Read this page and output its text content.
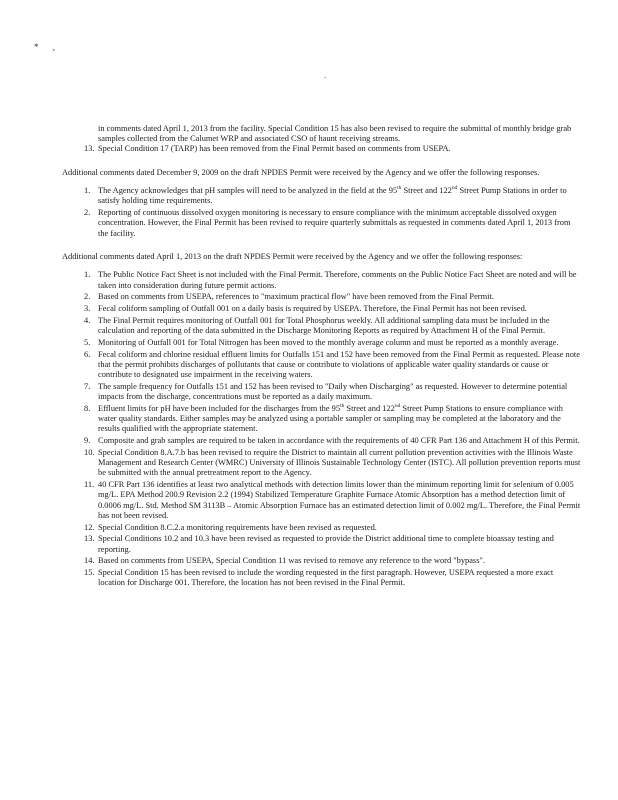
* ,
.
in comments dated April 1, 2013 from the facility. Special Condition 15 has also been revised to require the submittal of monthly bridge grab samples collected from the Calumet WRP and associated CSO of haunt receiving streams.
13. Special Condition 17 (TARP) has been removed from the Final Permit based on comments from USEPA.

Additional comments dated December 9, 2009 on the draft NPDES Permit were received by the Agency and we offer the following responses.

1. The Agency acknowledges that pH samples will need to be analyzed in the field at the 95th Street and 122nd Street Pump Stations in order to satisfy holding time requirements.
2. Reporting of continuous dissolved oxygen monitoring is necessary to ensure compliance with the minimum acceptable dissolved oxygen concentration. However, the Final Permit has been revised to require quarterly submittals as requested in comments dated April 1, 2013 from the facility.

Additional comments dated April 1, 2013 on the draft NPDES Permit were received by the Agency and we offer the following responses:

1. The Public Notice Fact Sheet is not included with the Final Permit. Therefore, comments on the Public Notice Fact Sheet are noted and will be taken into consideration during future permit actions.
2. Based on comments from USEPA, references to "maximum practical flow" have been removed from the Final Permit.
3. Fecal coliform sampling of Outfall 001 on a daily basis is required by USEPA. Therefore, the Final Permit has not been revised.
4. The Final Permit requires monitoring of Outfall 001 for Total Phosphorus weekly. All additional sampling data must be included in the calculation and reporting of the data submitted in the Discharge Monitoring Reports as required by Attachment H of the Final Permit.
5. Monitoring of Outfall 001 for Total Nitrogen has been moved to the monthly average column and must be reported as a monthly average.
6. Fecal coliform and chlorine residual effluent limits for Outfalls 151 and 152 have been removed from the Final Permit as requested. Please note that the permit prohibits discharges of pollutants that cause or contribute to violations of applicable water quality standards or cause or contribute to designated use impairment in the receiving waters.
7. The sample frequency for Outfalls 151 and 152 has been revised to "Daily when Discharging" as requested. However to determine potential impacts from the discharge, concentrations must be reported as a daily maximum.
8. Effluent limits for pH have been included for the discharges from the 95th Street and 122nd Street Pump Stations to ensure compliance with water quality standards. Either samples may be analyzed using a portable sampler or sampling may be completed at the laboratory and the results qualified with the appropriate statement.
9. Composite and grab samples are required to be taken in accordance with the requirements of 40 CFR Part 136 and Attachment H of this Permit.
10. Special Condition 8.A.7.b has been revised to require the District to maintain all current pollution prevention activities with the Illinois Waste Management and Research Center (WMRC) University of Illinois Sustainable Technology Center (ISTC). All pollution prevention reports must be submitted with the annual pretreatment report to the Agency.
11. 40 CFR Part 136 identifies at least two analytical methods with detection limits lower than the minimum reporting limit for selenium of 0.005 mg/L. EPA Method 200.9 Revision 2.2 (1994) Stabilized Temperature Graphite Furnace Atomic Absorption has a method detection limit of 0.0006 mg/L. Std. Method SM 3113B – Atomic Absorption Furnace has an estimated detection limit of 0.002 mg/L. Therefore, the Final Permit has not been revised.
12. Special Condition 8.C.2.a monitoring requirements have been revised as requested.
13. Special Conditions 10.2 and 10.3 have been revised as requested to provide the District additional time to complete bioassay testing and reporting.
14. Based on comments from USEPA, Special Condition 11 was revised to remove any reference to the word "bypass".
15. Special Condition 15 has been revised to include the wording requested in the first paragraph. However, USEPA requested a more exact location for Discharge 001. Therefore, the location has not been revised in the Final Permit.
